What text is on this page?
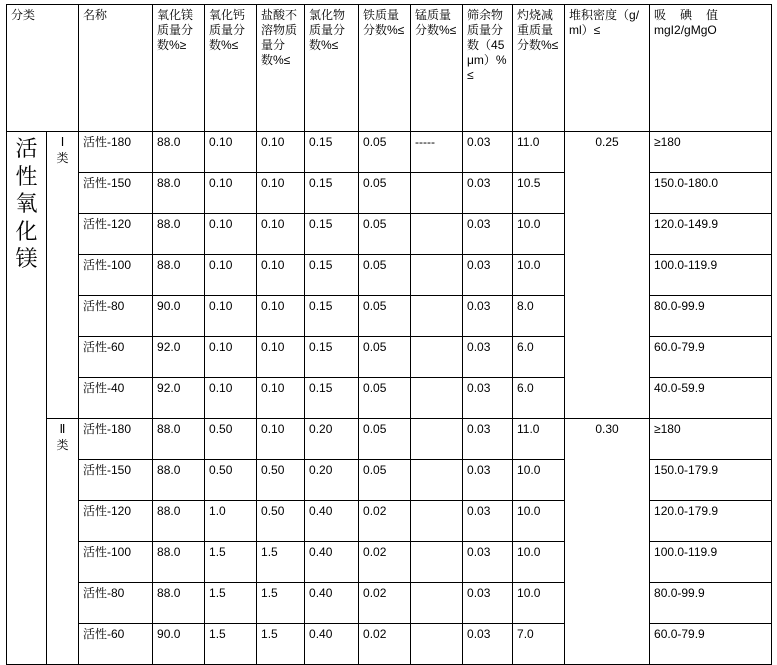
分类		名称	氧化镁质量分数%≥	氧化钙质量分数%≤	盐酸不溶物质量分数%≤	氯化物质量分数%≤	铁质量分数%≤	锰质量分数%≤	筛余物质量分数（45μm）%≤	灼烧减重质量分数%≤	堆积密度（g/ml）≤	吸碘值
mgI2/gMgO

活性氧化镁	Ⅰ类	活性-180	88.0	0.10	0.10	0.15	0.05	-----	0.03	11.0	0.25	≥180
		活性-150	88.0	0.10	0.10	0.15	0.05		0.03	10.5		150.0-180.0
		活性-120	88.0	0.10	0.10	0.15	0.05		0.03	10.0		120.0-149.9
		活性-100	88.0	0.10	0.10	0.15	0.05		0.03	10.0		100.0-119.9
		活性-80	90.0	0.10	0.10	0.15	0.05		0.03	8.0		80.0-99.9
		活性-60	92.0	0.10	0.10	0.15	0.05		0.03	6.0		60.0-79.9
		活性-40	92.0	0.10	0.10	0.15	0.05		0.03	6.0		40.0-59.9

	Ⅱ类	活性-180	88.0	0.50	0.10	0.20	0.05		0.03	11.0	0.30	≥180
		活性-150	88.0	0.50	0.50	0.20	0.05		0.03	10.0		150.0-179.9
		活性-120	88.0	1.0	0.50	0.40	0.02		0.03	10.0		120.0-179.9
		活性-100	88.0	1.5	1.5	0.40	0.02		0.03	10.0		100.0-119.9
		活性-80	88.0	1.5	1.5	0.40	0.02		0.03	10.0		80.0-99.9
		活性-60	90.0	1.5	1.5	0.40	0.02		0.03	7.0		60.0-79.9
